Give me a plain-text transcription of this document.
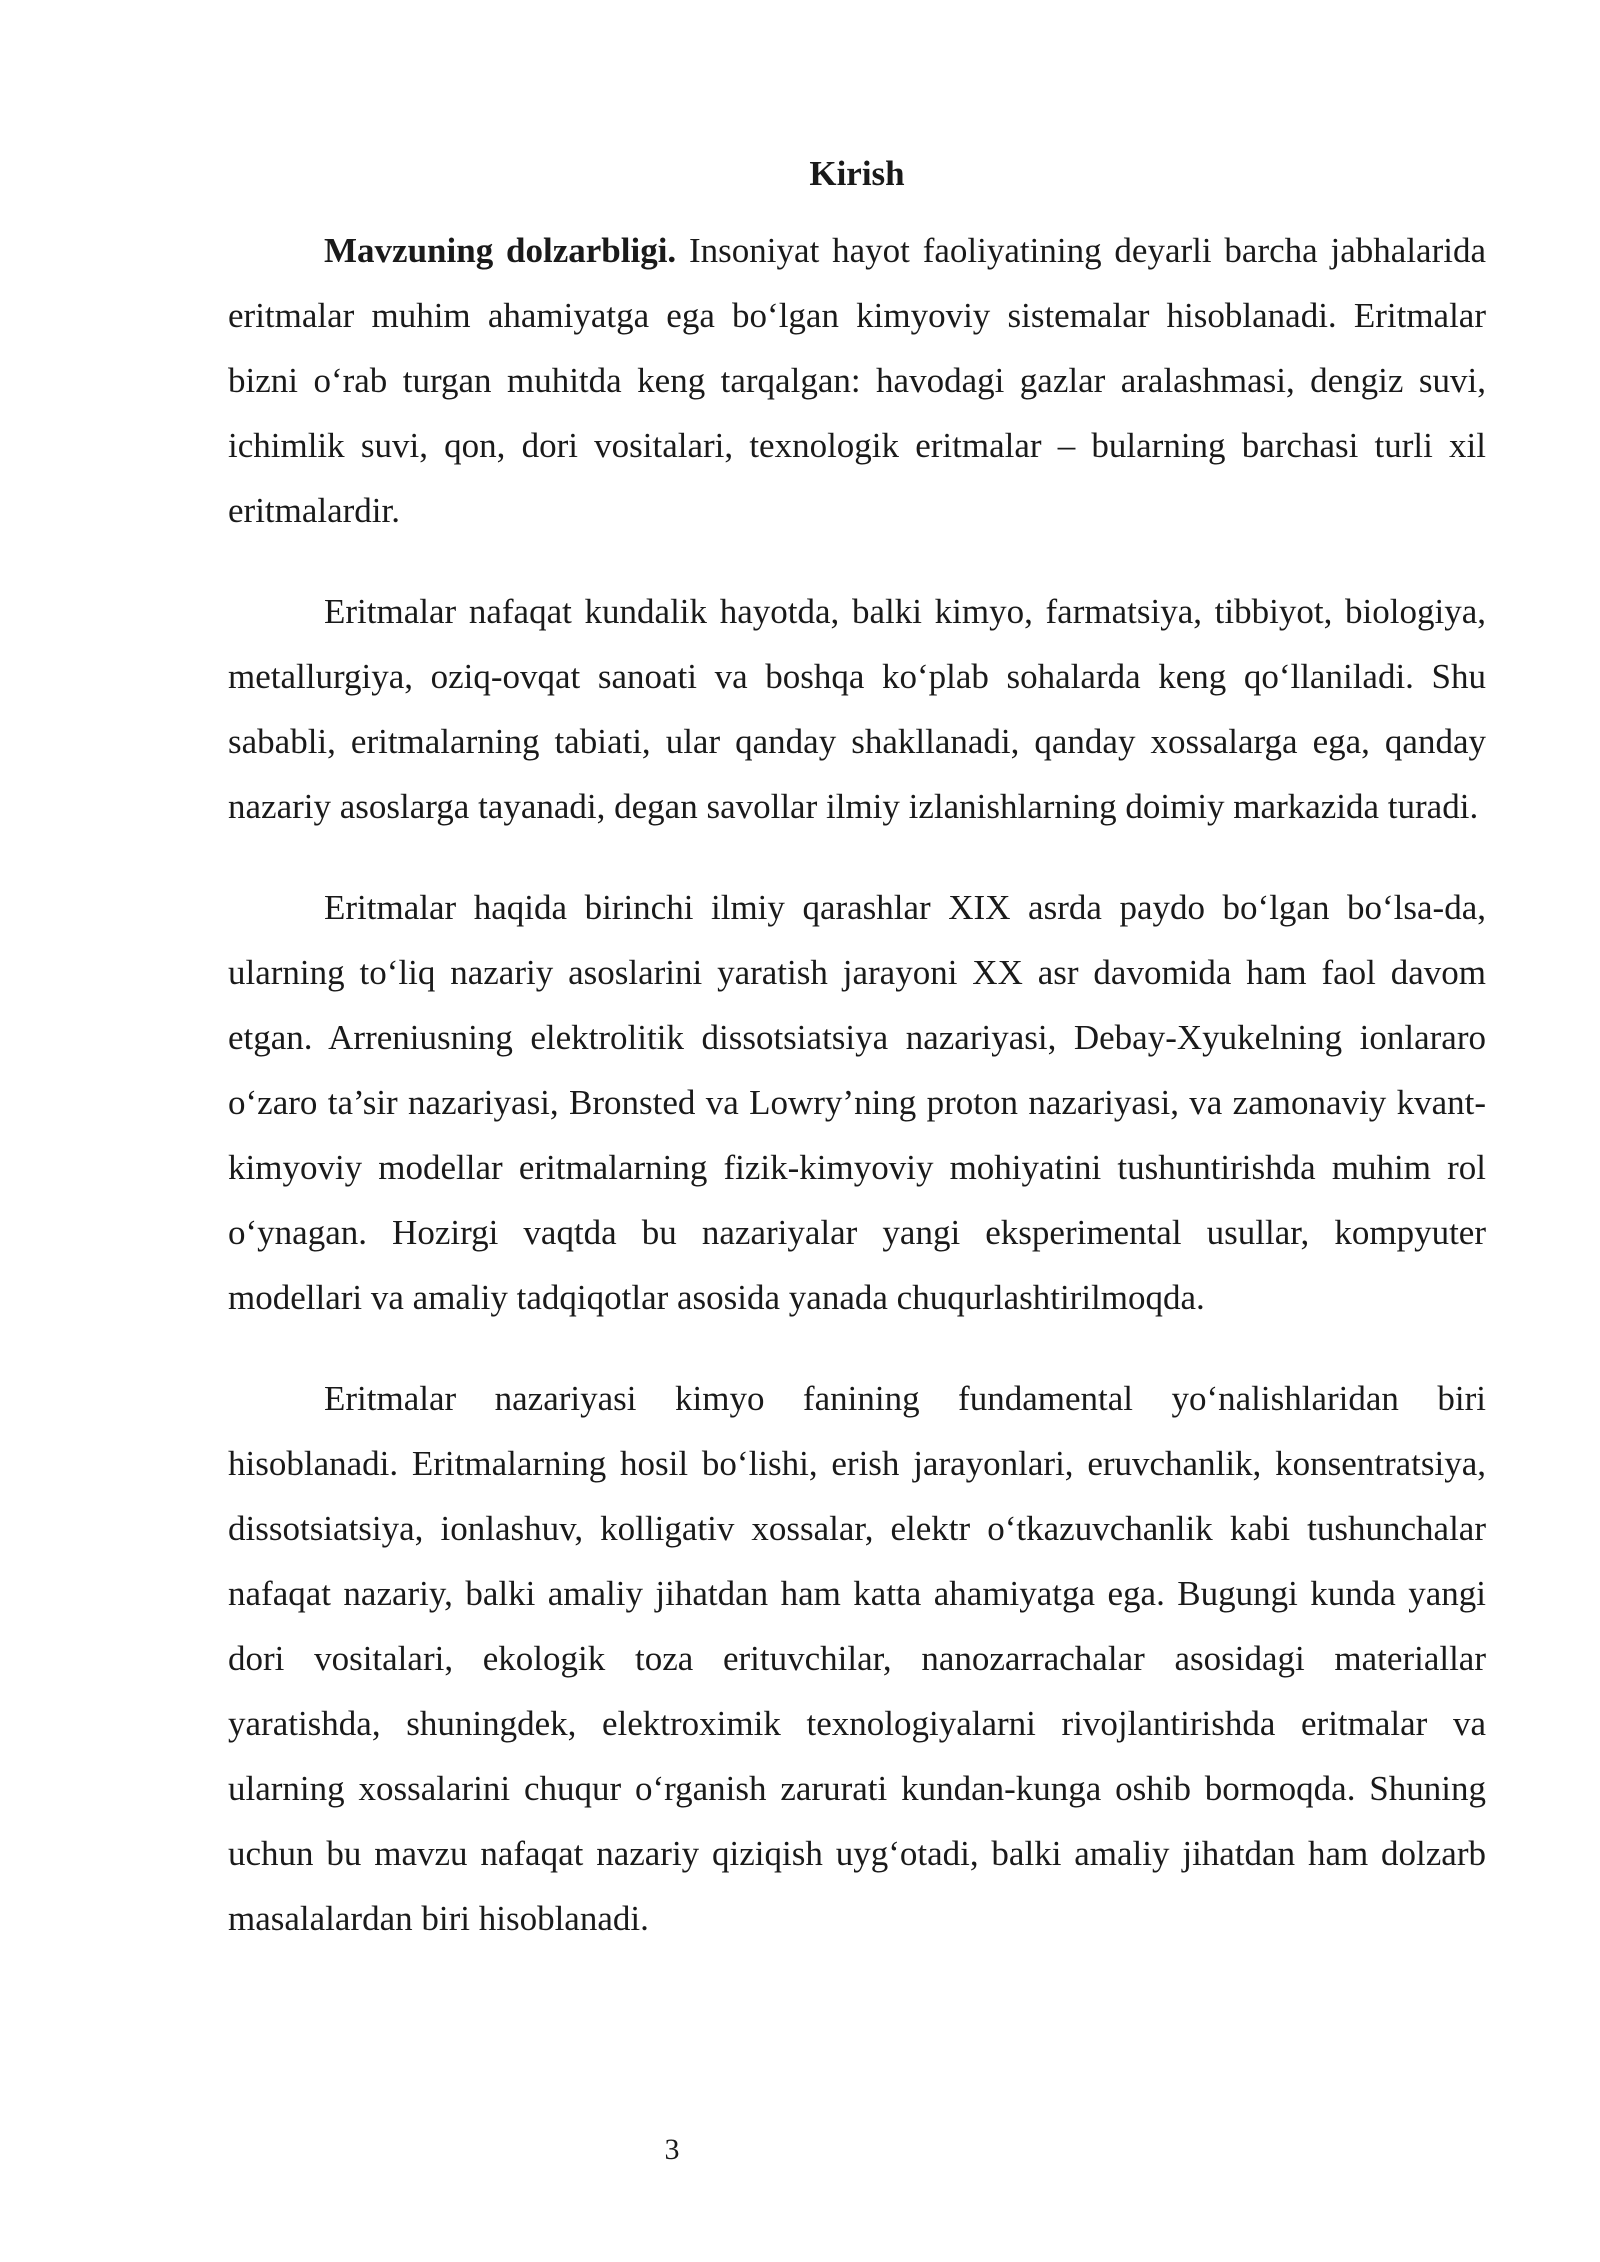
Kirish

Mavzuning dolzarbligi. Insoniyat hayot faoliyatining deyarli barcha jabhalarida eritmalar muhim ahamiyatga ega bo‘lgan kimyoviy sistemalar hisoblanadi. Eritmalar bizni o‘rab turgan muhitda keng tarqalgan: havodagi gazlar aralashmasi, dengiz suvi, ichimlik suvi, qon, dori vositalari, texnologik eritmalar – bularning barchasi turli xil eritmalardir.

Eritmalar nafaqat kundalik hayotda, balki kimyo, farmatsiya, tibbiyot, biologiya, metallurgiya, oziq-ovqat sanoati va boshqa ko‘plab sohalarda keng qo‘llaniladi. Shu sababli, eritmalarning tabiati, ular qanday shakllanadi, qanday xossalarga ega, qanday nazariy asoslarga tayanadi, degan savollar ilmiy izlanishlarning doimiy markazida turadi.

Eritmalar haqida birinchi ilmiy qarashlar XIX asrda paydo bo‘lgan bo‘lsa-da, ularning to‘liq nazariy asoslarini yaratish jarayoni XX asr davomida ham faol davom etgan. Arreniusning elektrolitik dissotsiatsiya nazariyasi, Debay-Xyukelning ionlararo o‘zaro ta’sir nazariyasi, Bronsted va Lowry’ning proton nazariyasi, va zamonaviy kvant-kimyoviy modellar eritmalarning fizik-kimyoviy mohiyatini tushuntirishda muhim rol o‘ynagan. Hozirgi vaqtda bu nazariyalar yangi eksperimental usullar, kompyuter modellari va amaliy tadqiqotlar asosida yanada chuqurlashtirilmoqda.

Eritmalar nazariyasi kimyo fanining fundamental yo‘nalishlaridan biri hisoblanadi. Eritmalarning hosil bo‘lishi, erish jarayonlari, eruvchanlik, konsentratsiya, dissotsiatsiya, ionlashuv, kolligativ xossalar, elektr o‘tkazuvchanlik kabi tushunchalar nafaqat nazariy, balki amaliy jihatdan ham katta ahamiyatga ega. Bugungi kunda yangi dori vositalari, ekologik toza erituvchilar, nanozarrachalar asosidagi materiallar yaratishda, shuningdek, elektroximik texnologiyalarni rivojlantirishda eritmalar va ularning xossalarini chuqur o‘rganish zarurati kundan-kunga oshib bormoqda. Shuning uchun bu mavzu nafaqat nazariy qiziqish uyg‘otadi, balki amaliy jihatdan ham dolzarb masalalardan biri hisoblanadi.

3
